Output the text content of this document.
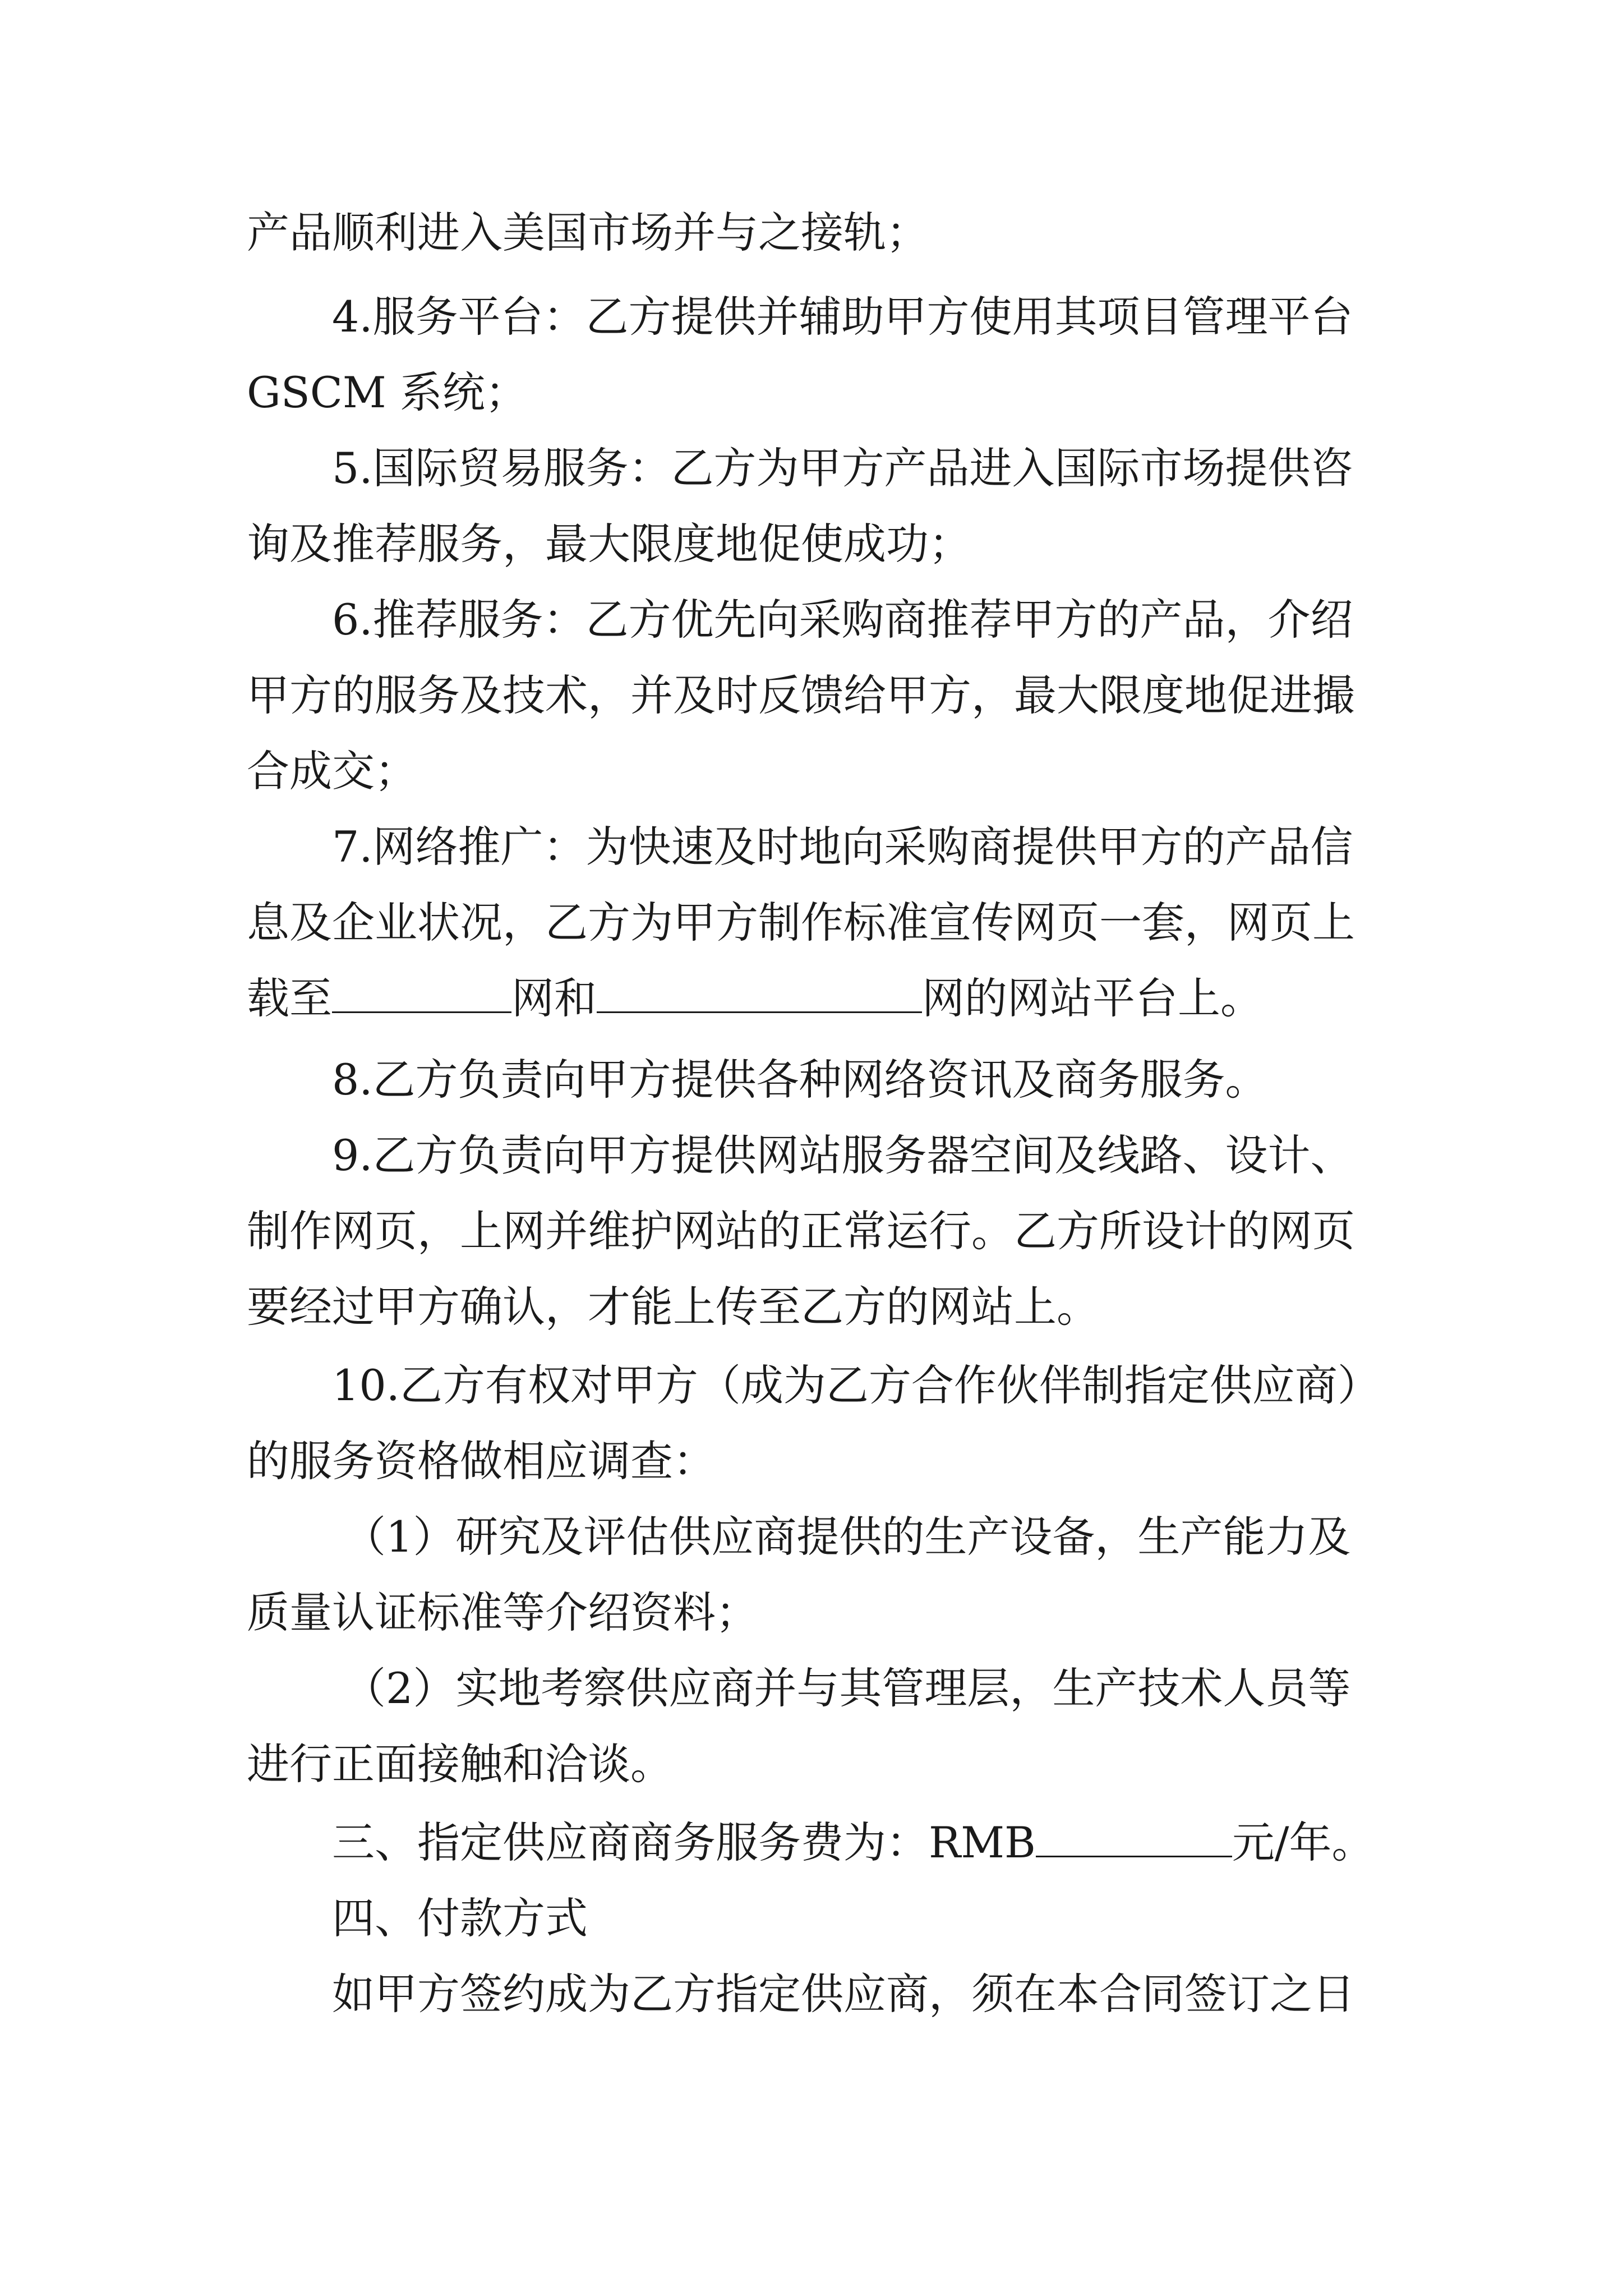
产品顺利进入美国市场并与之接轨；
4.服务平台：乙方提供并辅助甲方使用其项目管理平台
GSCM 系统；
5.国际贸易服务：乙方为甲方产品进入国际市场提供咨
询及推荐服务，最大限度地促使成功；
6.推荐服务：乙方优先向采购商推荐甲方的产品，介绍
甲方的服务及技术，并及时反馈给甲方，最大限度地促进撮
合成交；
7.网络推广：为快速及时地向采购商提供甲方的产品信
息及企业状况，乙方为甲方制作标准宣传网页一套，网页上
载至	网和	网的网站平台上。
8.乙方负责向甲方提供各种网络资讯及商务服务。
9.乙方负责向甲方提供网站服务器空间及线路、设计、
制作网页，上网并维护网站的正常运行。乙方所设计的网页
要经过甲方确认，才能上传至乙方的网站上。
10.乙方有权对甲方（成为乙方合作伙伴制指定供应商）
的服务资格做相应调查：
（1）研究及评估供应商提供的生产设备，生产能力及
质量认证标准等介绍资料；
（2）实地考察供应商并与其管理层，生产技术人员等
进行正面接触和洽谈。
三、指定供应商商务服务费为：RMB	元/年。
四、付款方式
如甲方签约成为乙方指定供应商，须在本合同签订之日
